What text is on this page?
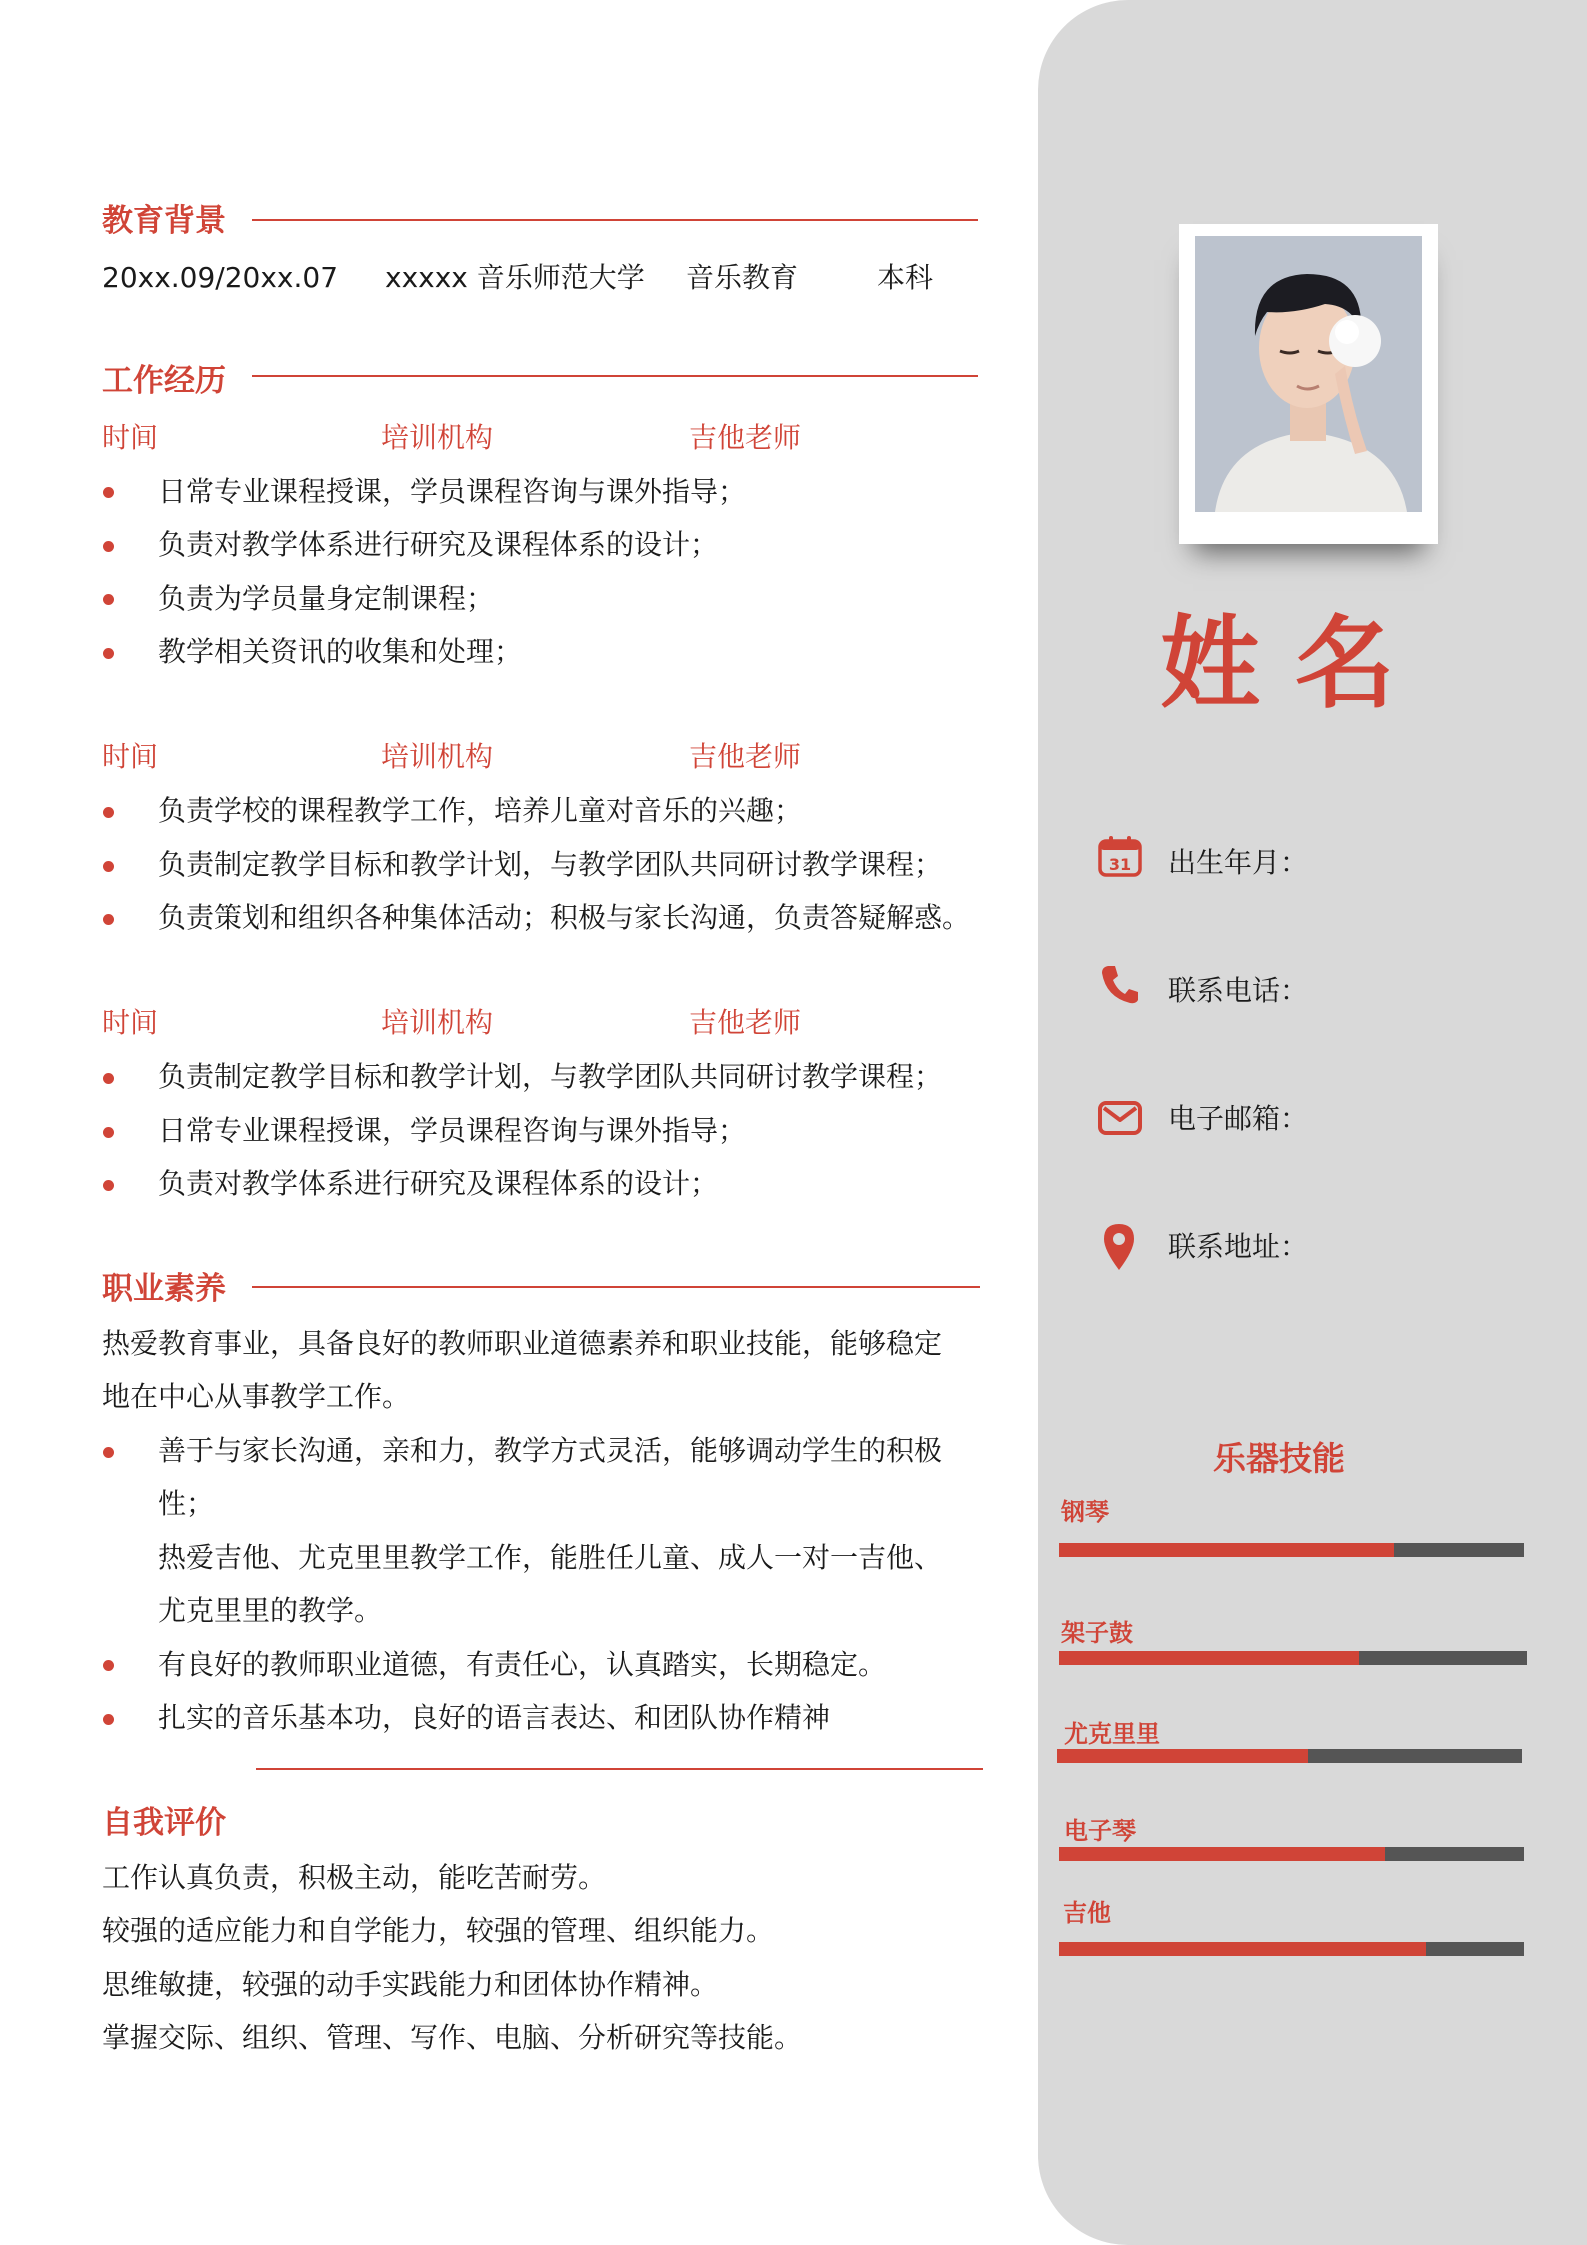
教育背景
20xx.09/20xx.07 xxxxx 音乐师范大学 音乐教育	本科
工作经历
时间	培训机构	吉他老师
日常专业课程授课，学员课程咨询与课外指导；
负责对教学体系进行研究及课程体系的设计；
负责为学员量身定制课程；
教学相关资讯的收集和处理；
时间	培训机构	吉他老师
负责学校的课程教学工作，培养儿童对音乐的兴趣；
负责制定教学目标和教学计划，与教学团队共同研讨教学课程；
负责策划和组织各种集体活动；积极与家长沟通，负责答疑解惑。
时间	培训机构	吉他老师
负责制定教学目标和教学计划，与教学团队共同研讨教学课程；
日常专业课程授课，学员课程咨询与课外指导；
负责对教学体系进行研究及课程体系的设计；
职业素养
热爱教育事业，具备良好的教师职业道德素养和职业技能，能够稳定
地在中心从事教学工作。
善于与家长沟通，亲和力，教学方式灵活，能够调动学生的积极
性；
热爱吉他、尤克里里教学工作，能胜任儿童、成人一对一吉他、
尤克里里的教学。
有良好的教师职业道德，有责任心，认真踏实，长期稳定。
扎实的音乐基本功，良好的语言表达、和团队协作精神
自我评价
工作认真负责，积极主动，能吃苦耐劳。
较强的适应能力和自学能力，较强的管理、组织能力。
思维敏捷，较强的动手实践能力和团体协作精神。
掌握交际、组织、管理、写作、电脑、分析研究等技能。
姓 名
31 出生年月：
联系电话：
电子邮箱：
联系地址：
乐器技能
钢琴
架子鼓
尤克里里
电子琴
吉他
